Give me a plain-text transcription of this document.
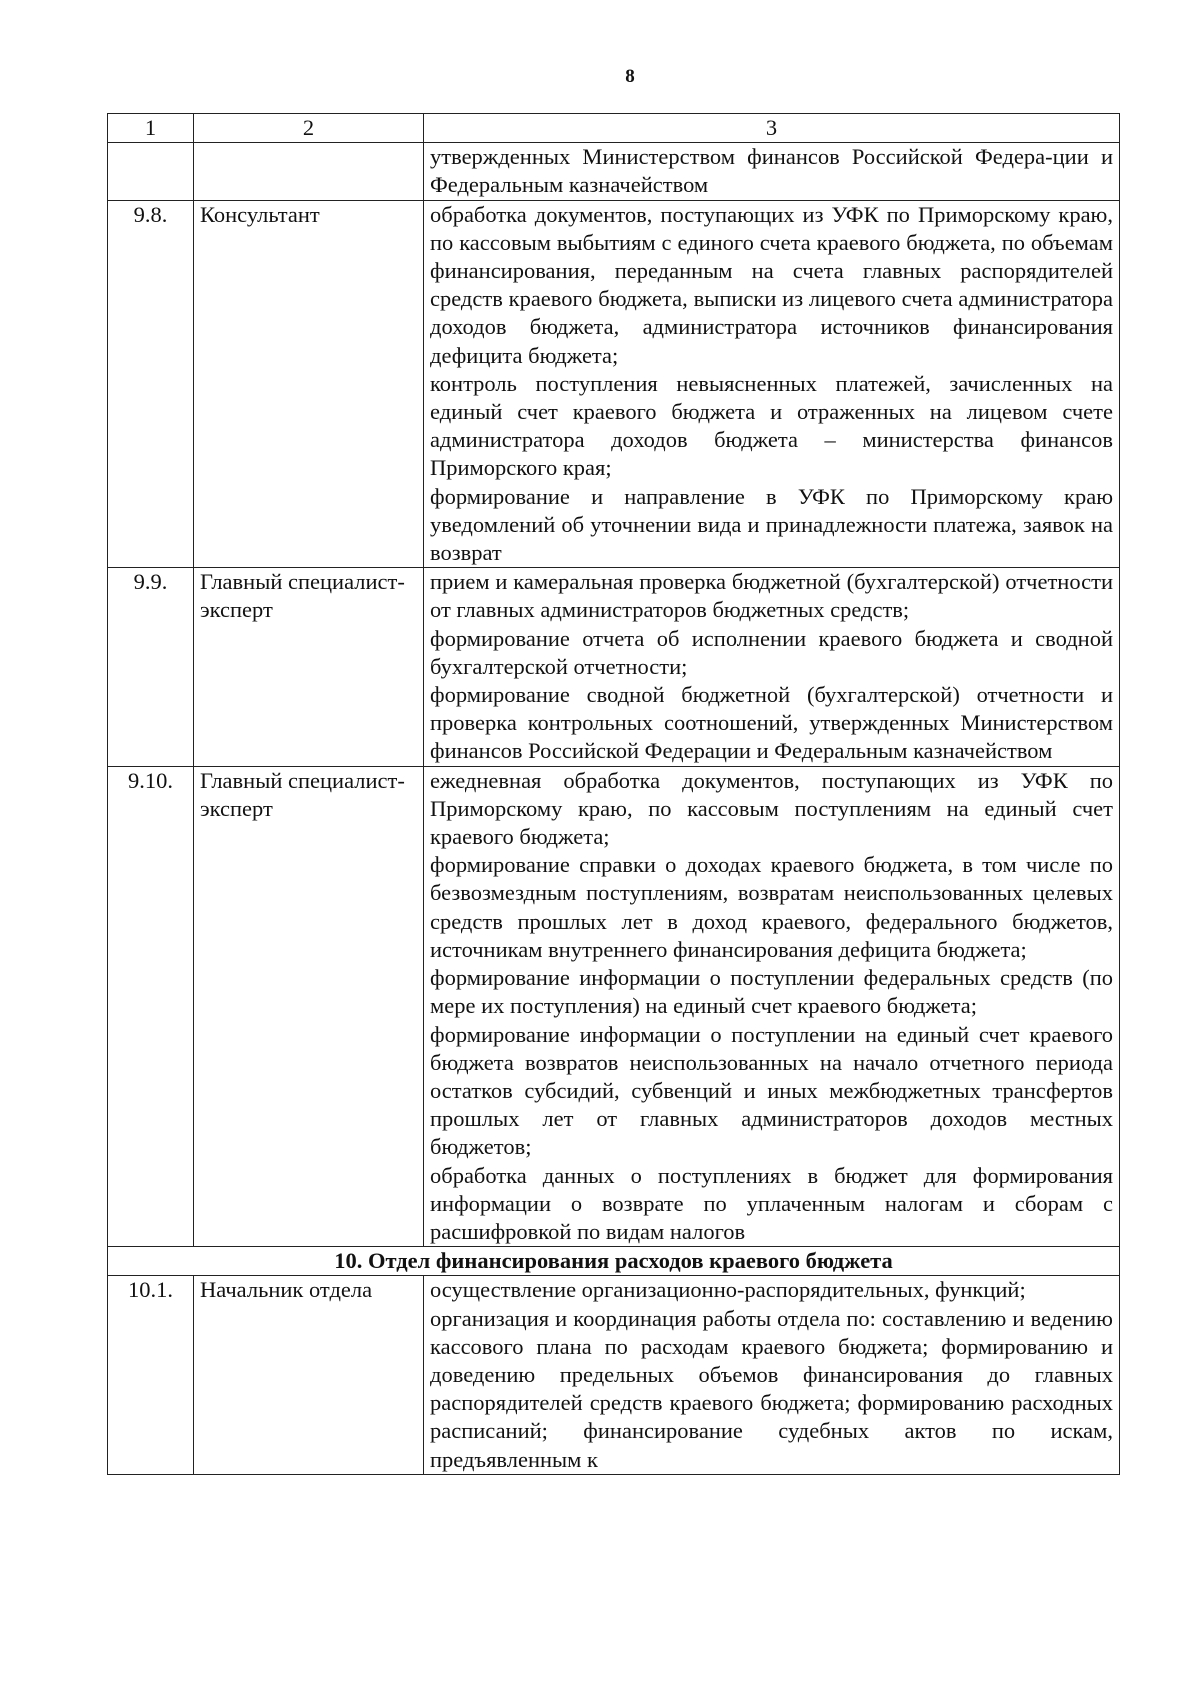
8
1	2	3

		утвержденных Министерством финансов Российской Федера-ции и Федеральным казначейством

9.8.	Консультант	обработка документов, поступающих из УФК по Приморскому краю, по кассовым выбытиям с единого счета краевого бюджета, по объемам финансирования, переданным на счета главных распорядителей средств краевого бюджета, выписки из лицевого счета администратора доходов бюджета, администратора источников финансирования дефицита бюджета;
контроль поступления невыясненных платежей, зачисленных на единый счет краевого бюджета и отраженных на лицевом счете администратора доходов бюджета – министерства финансов Приморского края;
формирование и направление в УФК по Приморскому краю уведомлений об уточнении вида и принадлежности платежа, заявок на возврат

9.9.	Главный специалист-эксперт	прием и камеральная проверка бюджетной (бухгалтерской) отчетности от главных администраторов бюджетных средств;
формирование отчета об исполнении краевого бюджета и сводной бухгалтерской отчетности;
формирование сводной бюджетной (бухгалтерской) отчетности и проверка контрольных соотношений, утвержденных Министерством финансов Российской Федерации и Федеральным казначейством

9.10.	Главный специалист-эксперт	ежедневная обработка документов, поступающих из УФК по Приморскому краю, по кассовым поступлениям на единый счет краевого бюджета;
формирование справки о доходах краевого бюджета, в том числе по безвозмездным поступлениям, возвратам неиспользованных целевых средств прошлых лет в доход краевого, федерального бюджетов, источникам внутреннего финансирования дефицита бюджета;
формирование информации о поступлении федеральных средств (по мере их поступления) на единый счет краевого бюджета;
формирование информации о поступлении на единый счет краевого бюджета возвратов неиспользованных на начало отчетного периода остатков субсидий, субвенций и иных межбюджетных трансфертов прошлых лет от главных администраторов доходов местных бюджетов;
обработка данных о поступлениях в бюджет для формирования информации о возврате по уплаченным налогам и сборам с расшифровкой по видам налогов

10. Отдел финансирования расходов краевого бюджета		
10.1.	Начальник отдела	осуществление организационно-распорядительных, функций;
организация и координация работы отдела по: составлению и ведению кассового плана по расходам краевого бюджета; формированию и доведению предельных объемов финансирования до главных распорядителей средств краевого бюджета; формированию расходных расписаний; финансирование судебных актов по искам, предъявленным к
